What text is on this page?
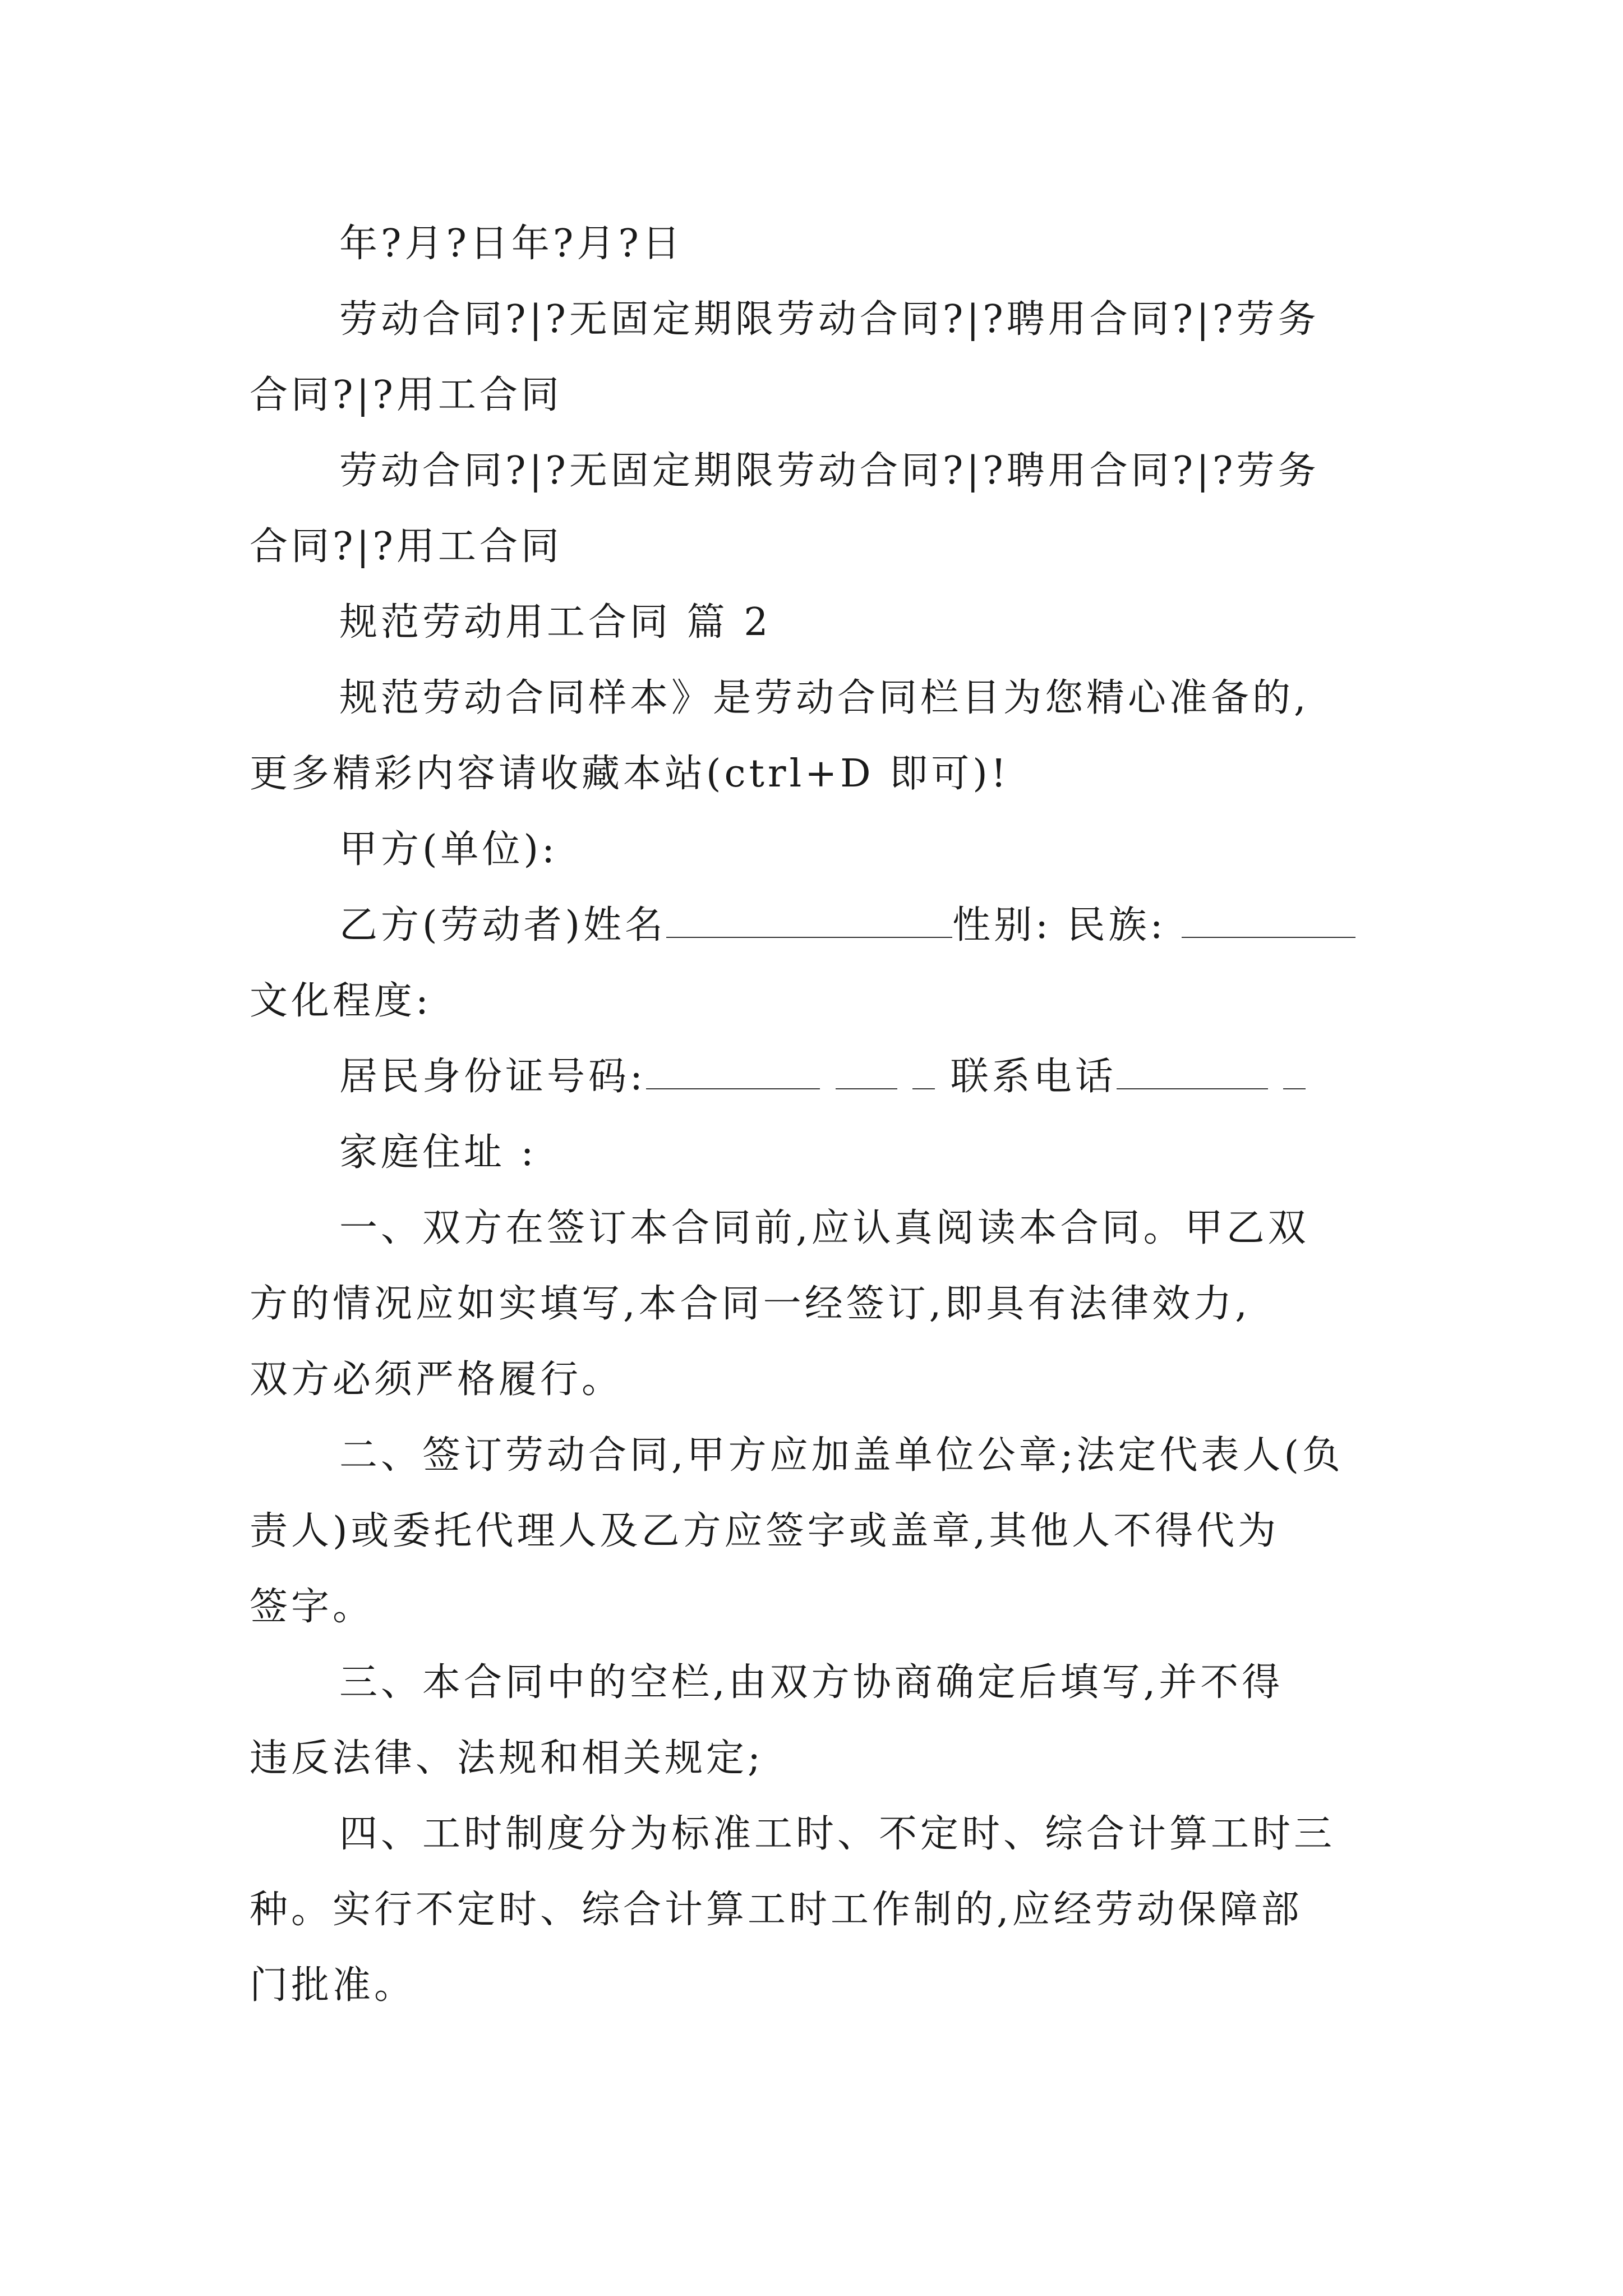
年?月?日年?月?日
劳动合同?|?无固定期限劳动合同?|?聘用合同?|?劳务
合同?|?用工合同
劳动合同?|?无固定期限劳动合同?|?聘用合同?|?劳务
合同?|?用工合同
规范劳动用工合同 篇 2
规范劳动合同样本》是劳动合同栏目为您精心准备的,
更多精彩内容请收藏本站(ctrl+D 即可)!
甲方(单位):
乙方(劳动者)姓名	性别: 民族:
文化程度:
居民身份证号码:	联系电话
家庭住址 :
一、双方在签订本合同前,应认真阅读本合同。甲乙双
方的情况应如实填写,本合同一经签订,即具有法律效力,
双方必须严格履行。
二、签订劳动合同,甲方应加盖单位公章;法定代表人(负
责人)或委托代理人及乙方应签字或盖章,其他人不得代为
签字。
三、本合同中的空栏,由双方协商确定后填写,并不得
违反法律、法规和相关规定;
四、工时制度分为标准工时、不定时、综合计算工时三
种。实行不定时、综合计算工时工作制的,应经劳动保障部
门批准。
